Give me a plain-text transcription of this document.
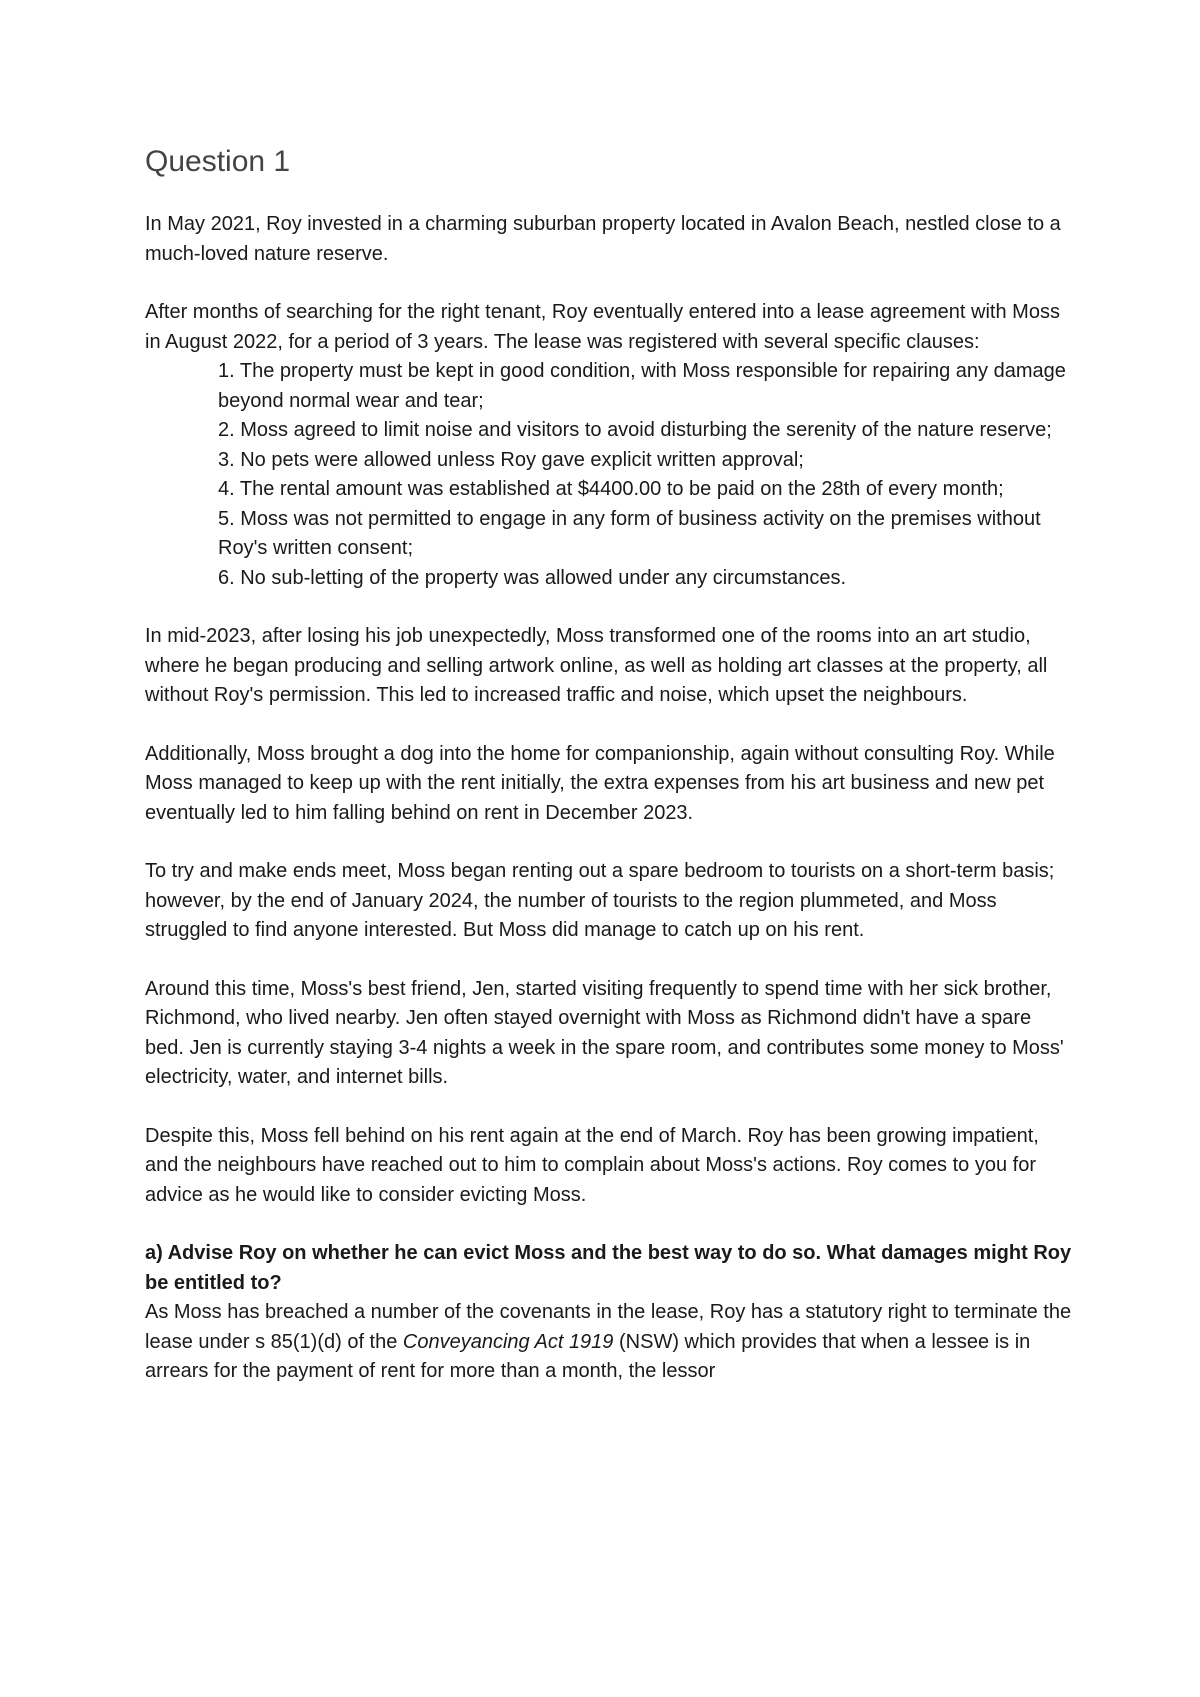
Question 1

In May 2021, Roy invested in a charming suburban property located in Avalon Beach, nestled close to a much-loved nature reserve.

After months of searching for the right tenant, Roy eventually entered into a lease agreement with Moss in August 2022, for a period of 3 years. The lease was registered with several specific clauses:

1. The property must be kept in good condition, with Moss responsible for repairing any damage beyond normal wear and tear;
2. Moss agreed to limit noise and visitors to avoid disturbing the serenity of the nature reserve;
3. No pets were allowed unless Roy gave explicit written approval;
4. The rental amount was established at $4400.00 to be paid on the 28th of every month;
5. Moss was not permitted to engage in any form of business activity on the premises without Roy's written consent;
6. No sub-letting of the property was allowed under any circumstances.

In mid-2023, after losing his job unexpectedly, Moss transformed one of the rooms into an art studio, where he began producing and selling artwork online, as well as holding art classes at the property, all without Roy's permission. This led to increased traffic and noise, which upset the neighbours.

Additionally, Moss brought a dog into the home for companionship, again without consulting Roy. While Moss managed to keep up with the rent initially, the extra expenses from his art business and new pet eventually led to him falling behind on rent in December 2023.

To try and make ends meet, Moss began renting out a spare bedroom to tourists on a short-term basis; however, by the end of January 2024, the number of tourists to the region plummeted, and Moss struggled to find anyone interested. But Moss did manage to catch up on his rent.

Around this time, Moss's best friend, Jen, started visiting frequently to spend time with her sick brother, Richmond, who lived nearby. Jen often stayed overnight with Moss as Richmond didn't have a spare bed. Jen is currently staying 3-4 nights a week in the spare room, and contributes some money to Moss' electricity, water, and internet bills.

Despite this, Moss fell behind on his rent again at the end of March. Roy has been growing impatient, and the neighbours have reached out to him to complain about Moss's actions. Roy comes to you for advice as he would like to consider evicting Moss.

a) Advise Roy on whether he can evict Moss and the best way to do so. What damages might Roy be entitled to?

As Moss has breached a number of the covenants in the lease, Roy has a statutory right to terminate the lease under s 85(1)(d) of the Conveyancing Act 1919 (NSW) which provides that when a lessee is in arrears for the payment of rent for more than a month, the lessor
